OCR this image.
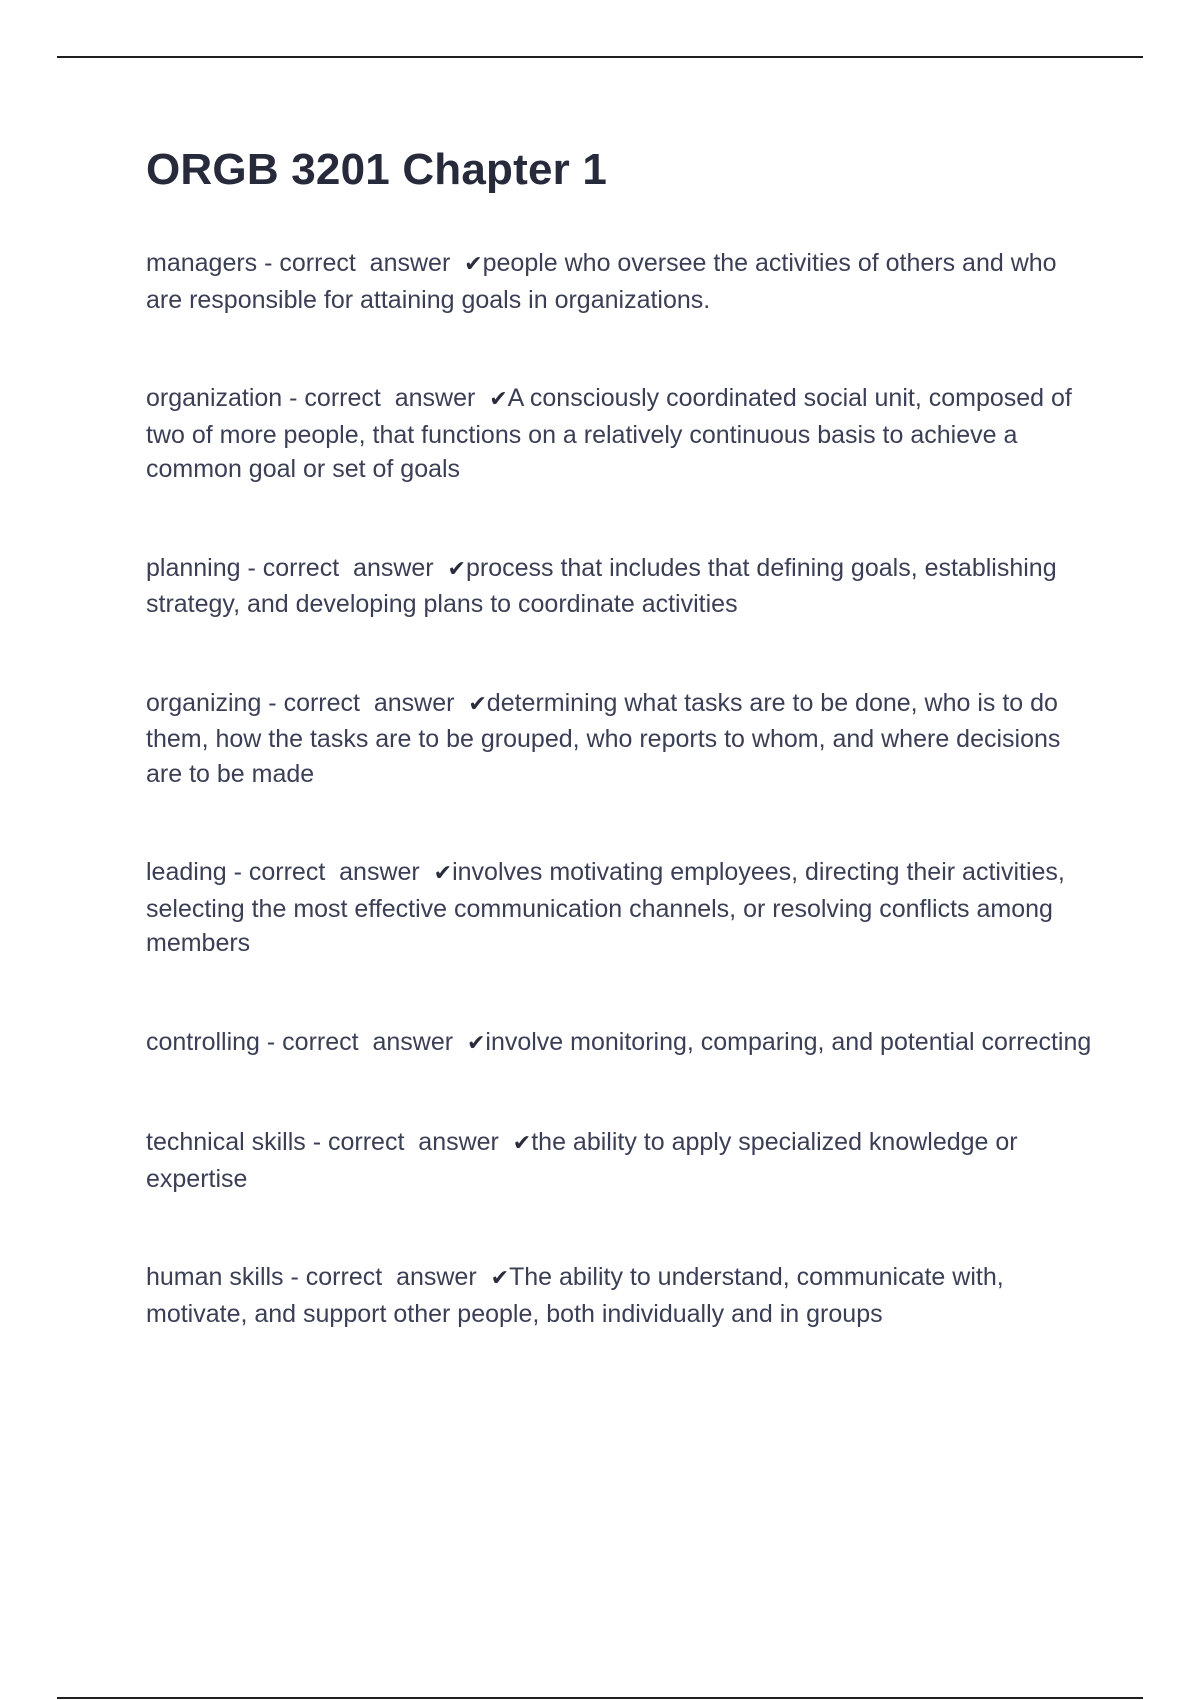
ORGB 3201 Chapter 1
managers - correct  answer  ✔people who oversee the activities of others and who are responsible for attaining goals in organizations.
organization - correct  answer  ✔A consciously coordinated social unit, composed of two of more people, that functions on a relatively continuous basis to achieve a common goal or set of goals
planning - correct  answer  ✔process that includes that defining goals, establishing strategy, and developing plans to coordinate activities
organizing - correct  answer  ✔determining what tasks are to be done, who is to do them, how the tasks are to be grouped, who reports to whom, and where decisions are to be made
leading - correct  answer  ✔involves motivating employees, directing their activities, selecting the most effective communication channels, or resolving conflicts among members
controlling - correct  answer  ✔involve monitoring, comparing, and potential correcting
technical skills - correct  answer  ✔the ability to apply specialized knowledge or expertise
human skills - correct  answer  ✔The ability to understand, communicate with, motivate, and support other people, both individually and in groups
